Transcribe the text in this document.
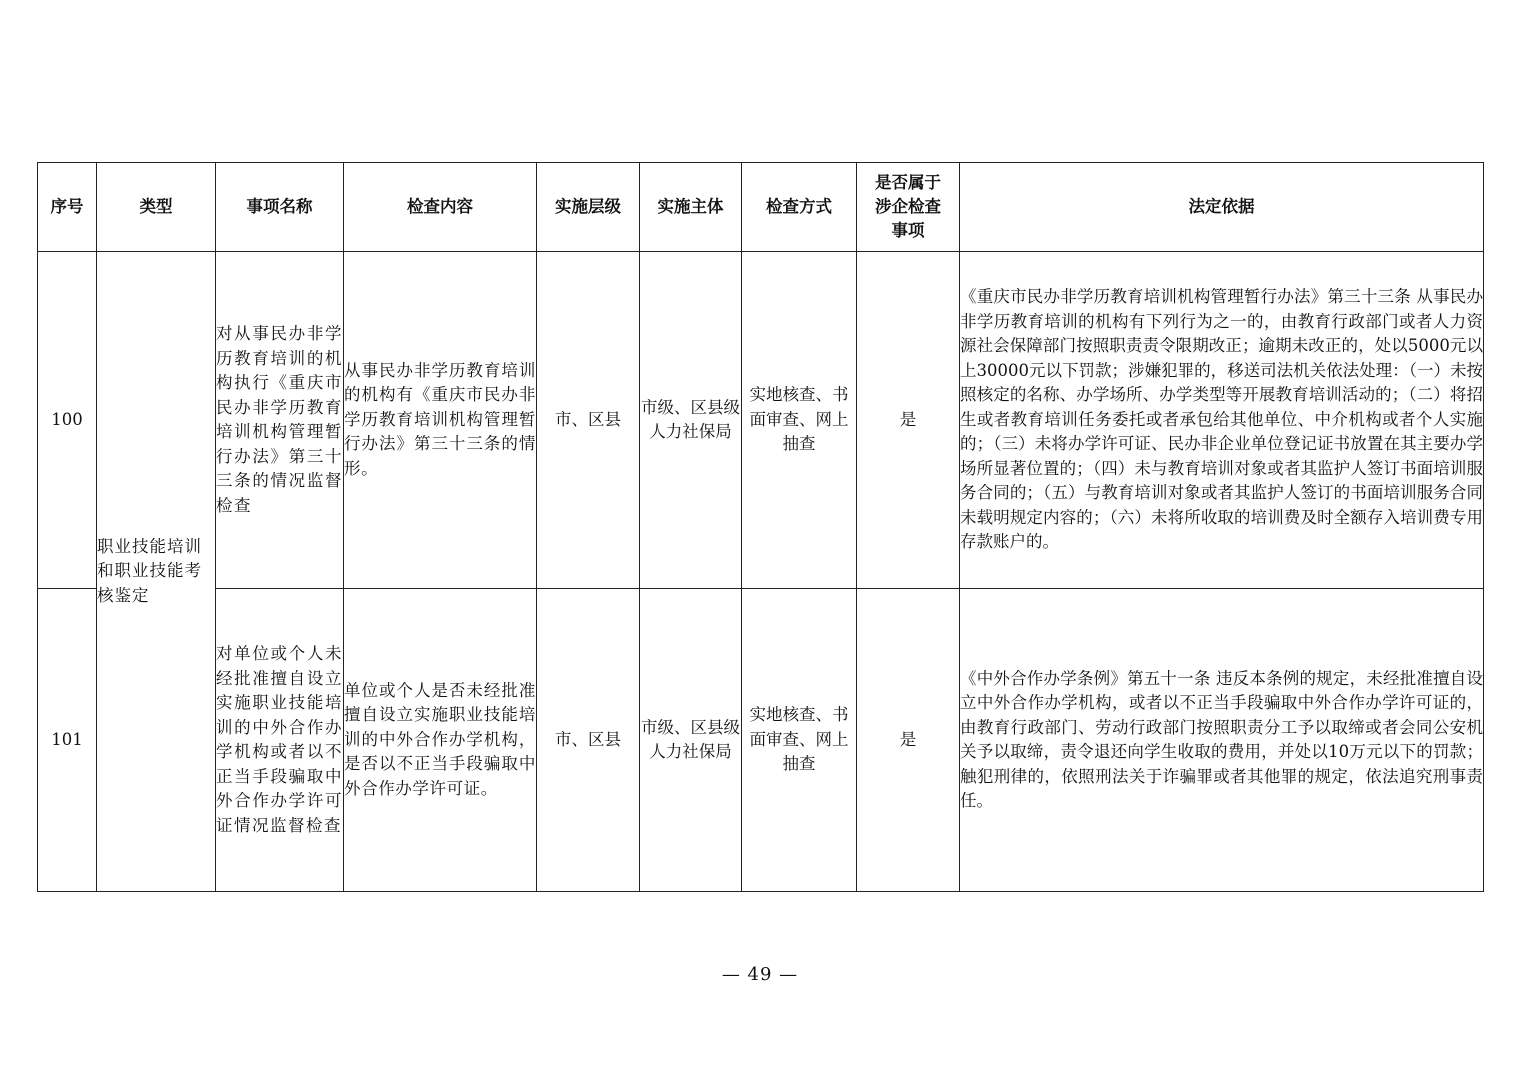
序号	类型	事项名称	检查内容	实施层级	实施主体	检查方式	是否属于涉企检查事项	法定依据
100	职业技能培训和职业技能考核鉴定	对从事民办非学历教育培训的机构执行《重庆市民办非学历教育培训机构管理暂行办法》第三十三条的情况监督检查	从事民办非学历教育培训的机构有《重庆市民办非学历教育培训机构管理暂行办法》第三十三条的情形。	市、区县	市级、区县级人力社保局	实地核查、书面审查、网上抽查	是	《重庆市民办非学历教育培训机构管理暂行办法》第三十三条 从事民办非学历教育培训的机构有下列行为之一的，由教育行政部门或者人力资源社会保障部门按照职责责令限期改正；逾期未改正的，处以5000元以上30000元以下罚款；涉嫌犯罪的，移送司法机关依法处理：（一）未按照核定的名称、办学场所、办学类型等开展教育培训活动的；（二）将招生或者教育培训任务委托或者承包给其他单位、中介机构或者个人实施的；（三）未将办学许可证、民办非企业单位登记证书放置在其主要办学场所显著位置的；（四）未与教育培训对象或者其监护人签订书面培训服务合同的；（五）与教育培训对象或者其监护人签订的书面培训服务合同未载明规定内容的；（六）未将所收取的培训费及时全额存入培训费专用存款账户的。
101		对单位或个人未经批准擅自设立实施职业技能培训的中外合作办学机构或者以不正当手段骗取中外合作办学许可证情况监督检查	单位或个人是否未经批准擅自设立实施职业技能培训的中外合作办学机构，是否以不正当手段骗取中外合作办学许可证。	市、区县	市级、区县级人力社保局	实地核查、书面审查、网上抽查	是	《中外合作办学条例》第五十一条 违反本条例的规定，未经批准擅自设立中外合作办学机构，或者以不正当手段骗取中外合作办学许可证的，由教育行政部门、劳动行政部门按照职责分工予以取缔或者会同公安机关予以取缔，责令退还向学生收取的费用，并处以10万元以下的罚款；触犯刑律的，依照刑法关于诈骗罪或者其他罪的规定，依法追究刑事责任。
— 49 —
